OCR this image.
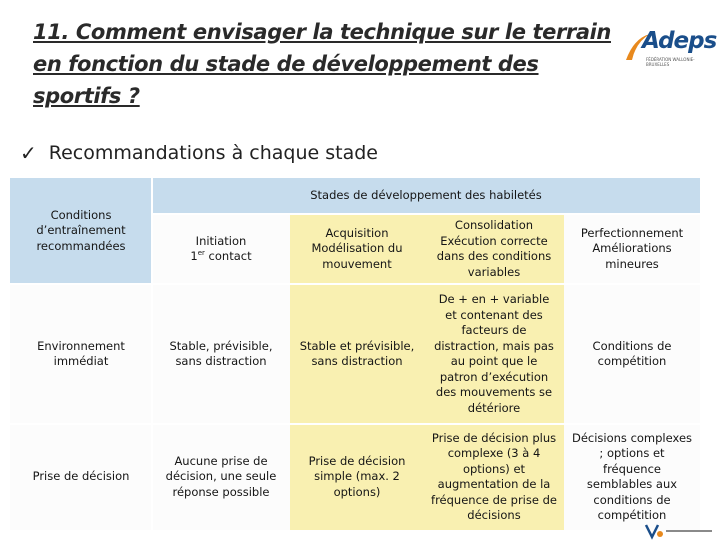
11. Comment envisager la technique sur le terrain en fonction du stade de développement des sportifs ?
Adeps
FÉDÉRATION WALLONIE-BRUXELLES
✓ Recommandations à chaque stade
Conditions d’entraînement recommandées
Stades de développement des habiletés
Initiation
1er contact
Acquisition Modélisation du mouvement
Consolidation Exécution correcte dans des conditions variables
Perfectionnement Améliorations mineures
Environnement immédiat
Stable, prévisible, sans distraction
Stable et prévisible, sans distraction
De + en + variable et contenant des facteurs de distraction, mais pas au point que le patron d’exécution des mouvements se détériore
Conditions de compétition
Prise de décision
Aucune prise de décision, une seule réponse possible
Prise de décision simple (max. 2 options)
Prise de décision plus complexe (3 à 4 options) et augmentation de la fréquence de prise de décisions
Décisions complexes ; options et fréquence semblables aux conditions de compétition
